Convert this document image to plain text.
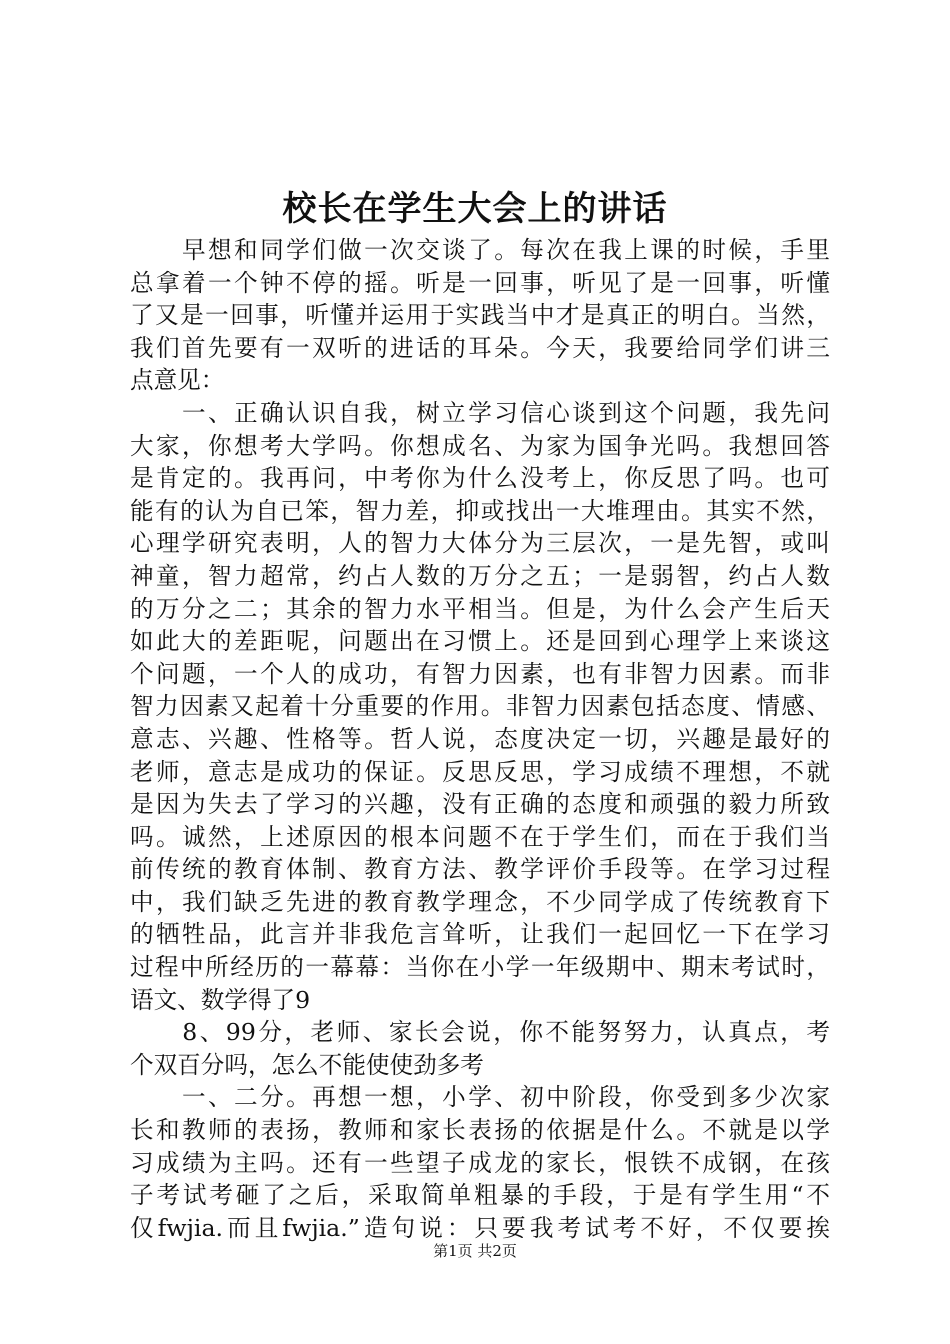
校长在学生大会上的讲话
　　早想和同学们做一次交谈了。每次在我上课的时候，手里
总拿着一个钟不停的摇。听是一回事，听见了是一回事，听懂
了又是一回事，听懂并运用于实践当中才是真正的明白。当然，
我们首先要有一双听的进话的耳朵。今天，我要给同学们讲三
点意见：
　　一、正确认识自我，树立学习信心谈到这个问题，我先问
大家，你想考大学吗。你想成名、为家为国争光吗。我想回答
是肯定的。我再问，中考你为什么没考上，你反思了吗。也可
能有的认为自已笨，智力差，抑或找出一大堆理由。其实不然，
心理学研究表明，人的智力大体分为三层次，一是先智，或叫
神童，智力超常，约占人数的万分之五；一是弱智，约占人数
的万分之二；其余的智力水平相当。但是，为什么会产生后天
如此大的差距呢，问题出在习惯上。还是回到心理学上来谈这
个问题，一个人的成功，有智力因素，也有非智力因素。而非
智力因素又起着十分重要的作用。非智力因素包括态度、情感、
意志、兴趣、性格等。哲人说，态度决定一切，兴趣是最好的
老师，意志是成功的保证。反思反思，学习成绩不理想，不就
是因为失去了学习的兴趣，没有正确的态度和顽强的毅力所致
吗。诚然，上述原因的根本问题不在于学生们，而在于我们当
前传统的教育体制、教育方法、教学评价手段等。在学习过程
中，我们缺乏先进的教育教学理念，不少同学成了传统教育下
的牺牲品，此言并非我危言耸听，让我们一起回忆一下在学习
过程中所经历的一幕幕：当你在小学一年级期中、期末考试时，
语文、数学得了9
　　8、99分，老师、家长会说，你不能努努力，认真点，考
个双百分吗，怎么不能使使劲多考
　　一、二分。再想一想，小学、初中阶段，你受到多少次家
长和教师的表扬，教师和家长表扬的依据是什么。不就是以学
习成绩为主吗。还有一些望子成龙的家长，恨铁不成钢，在孩
子考试考砸了之后，采取简单粗暴的手段，于是有学生用“不
仅fwjia.而且fwjia.”造句说：只要我考试考不好，不仅要挨
第1页 共2页
